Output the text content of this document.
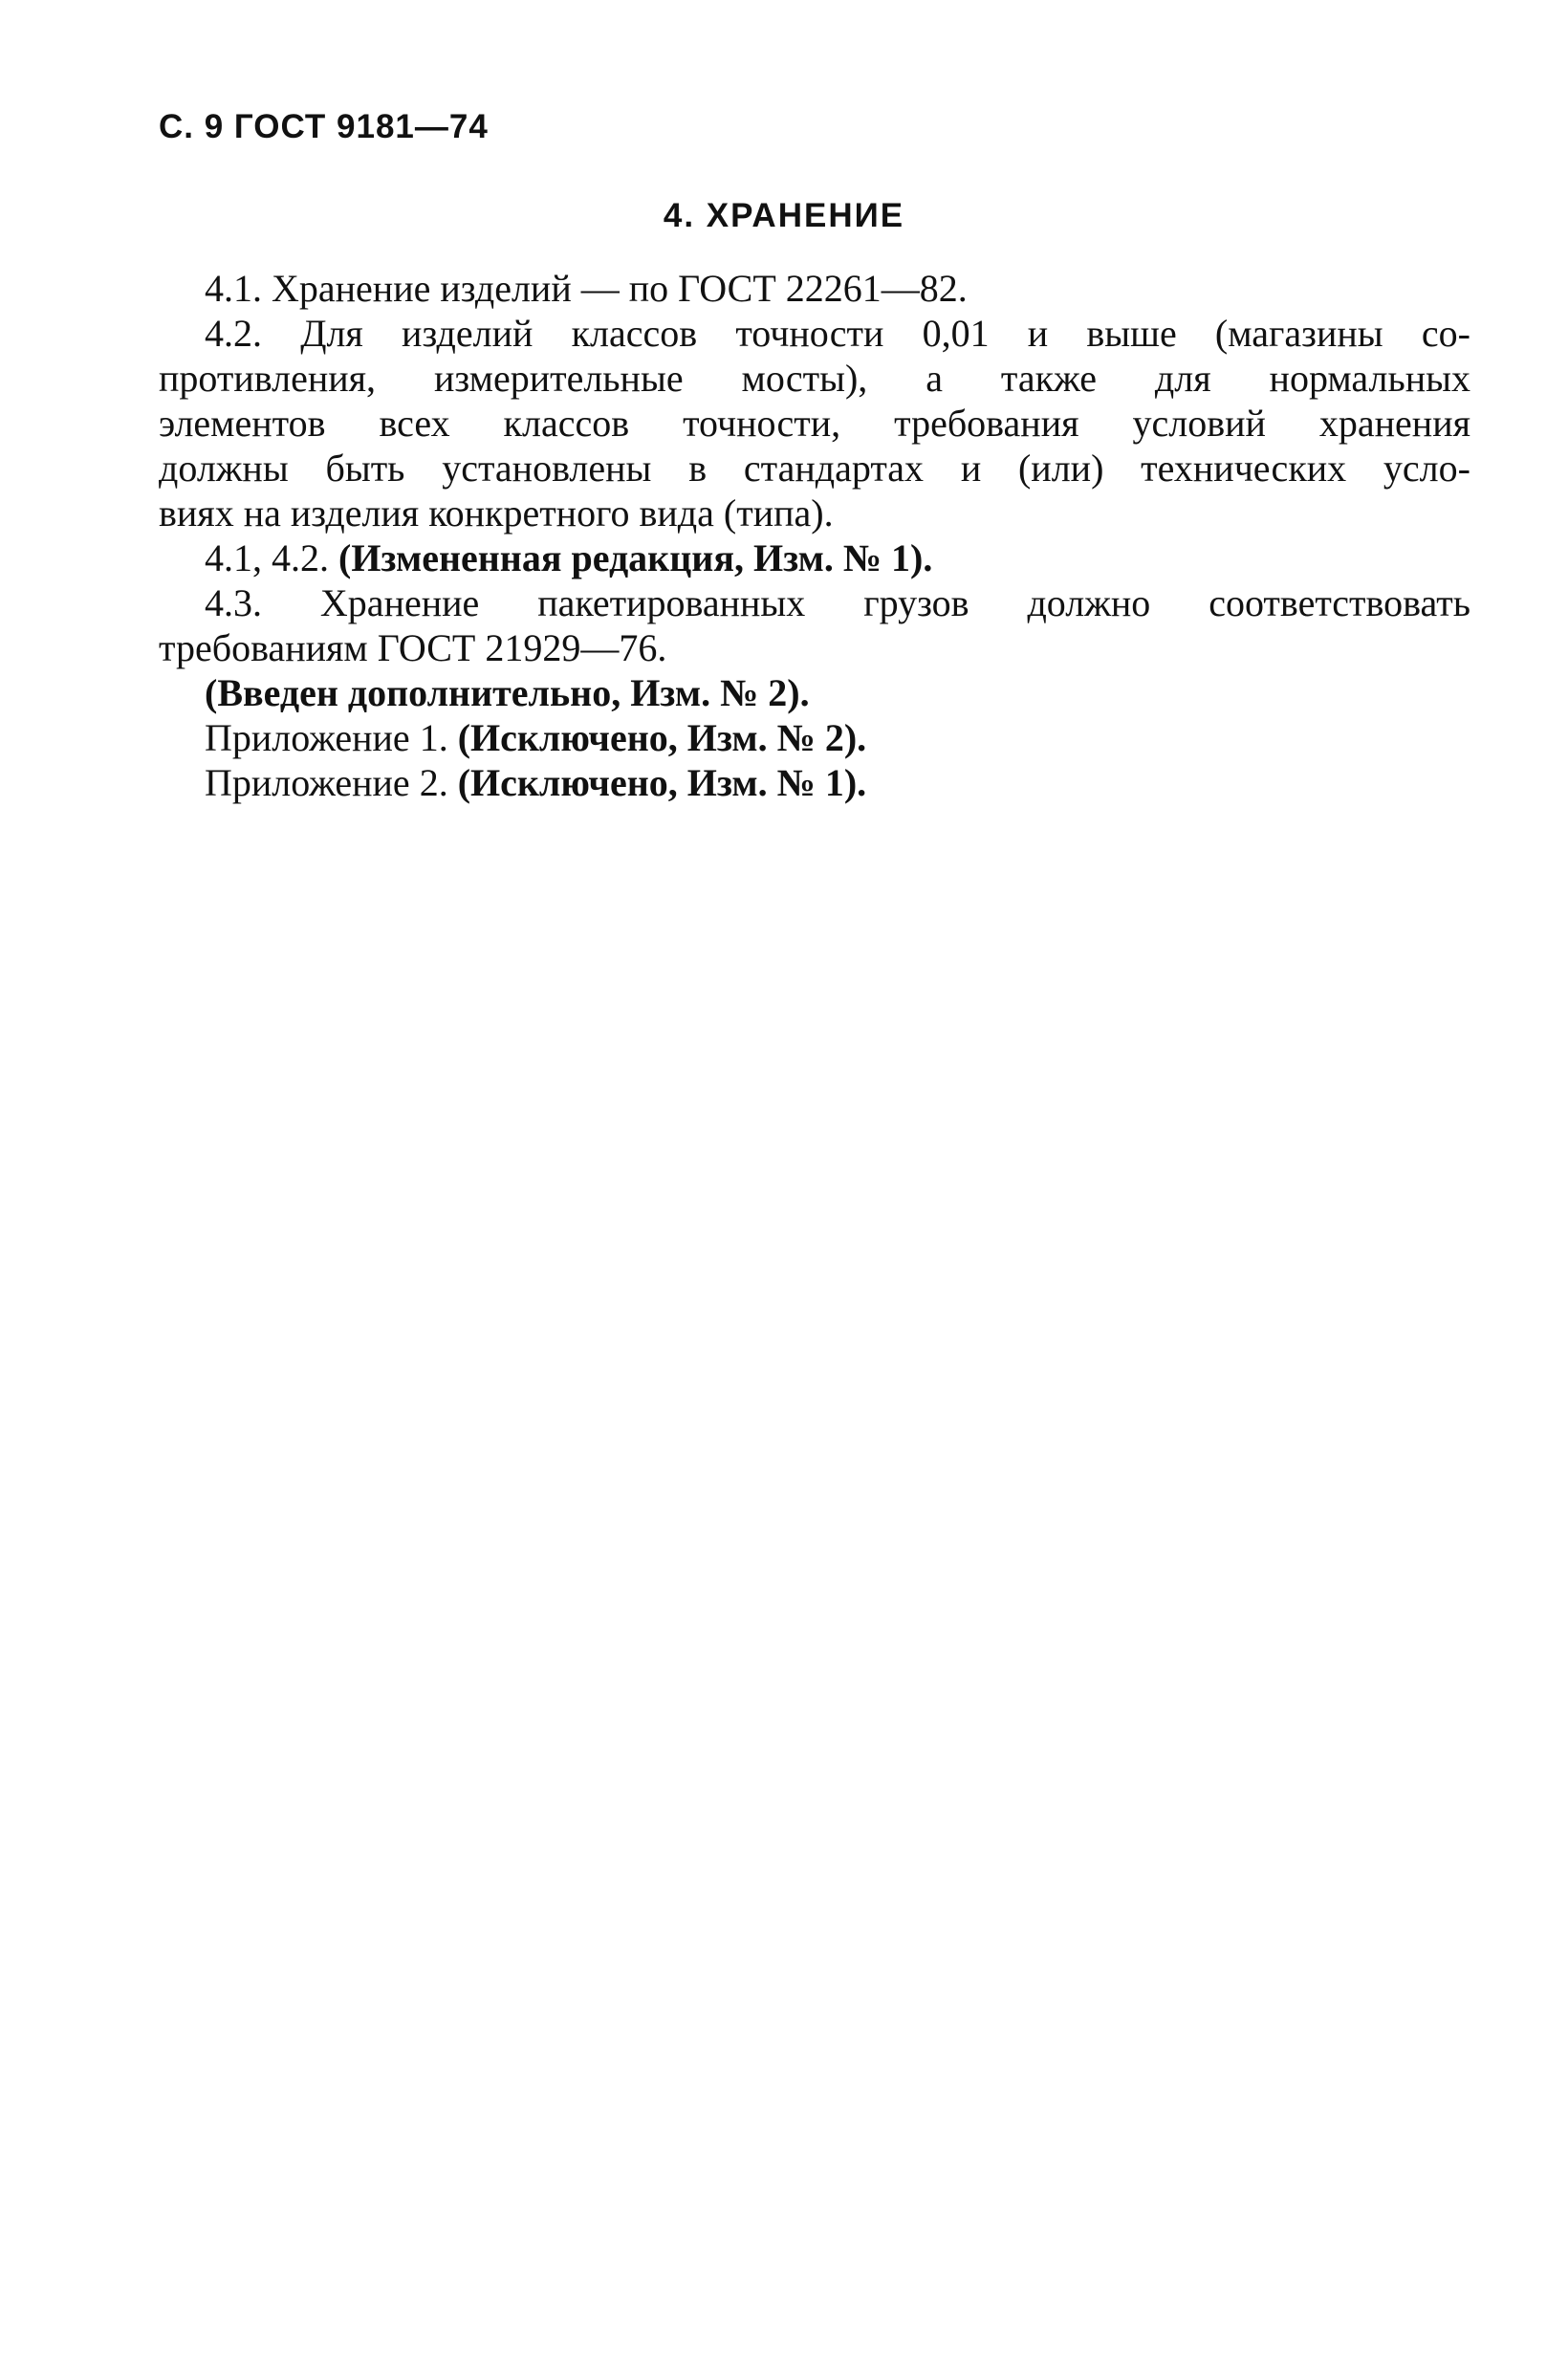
С. 9 ГОСТ 9181—74
4. ХРАНЕНИЕ
4.1. Хранение изделий — по ГОСТ 22261—82.
4.2. Для изделий классов точности 0,01 и выше (магазины со-
противления, измерительные мосты), а также для нормальных
элементов всех классов точности, требования условий хранения
должны быть установлены в стандартах и (или) технических усло-
виях на изделия конкретного вида (типа).
4.1, 4.2. (Измененная редакция, Изм. № 1).
4.3. Хранение пакетированных грузов должно соответствовать
требованиям ГОСТ 21929—76.
(Введен дополнительно, Изм. № 2).
Приложение 1. (Исключено, Изм. № 2).
Приложение 2. (Исключено, Изм. № 1).
